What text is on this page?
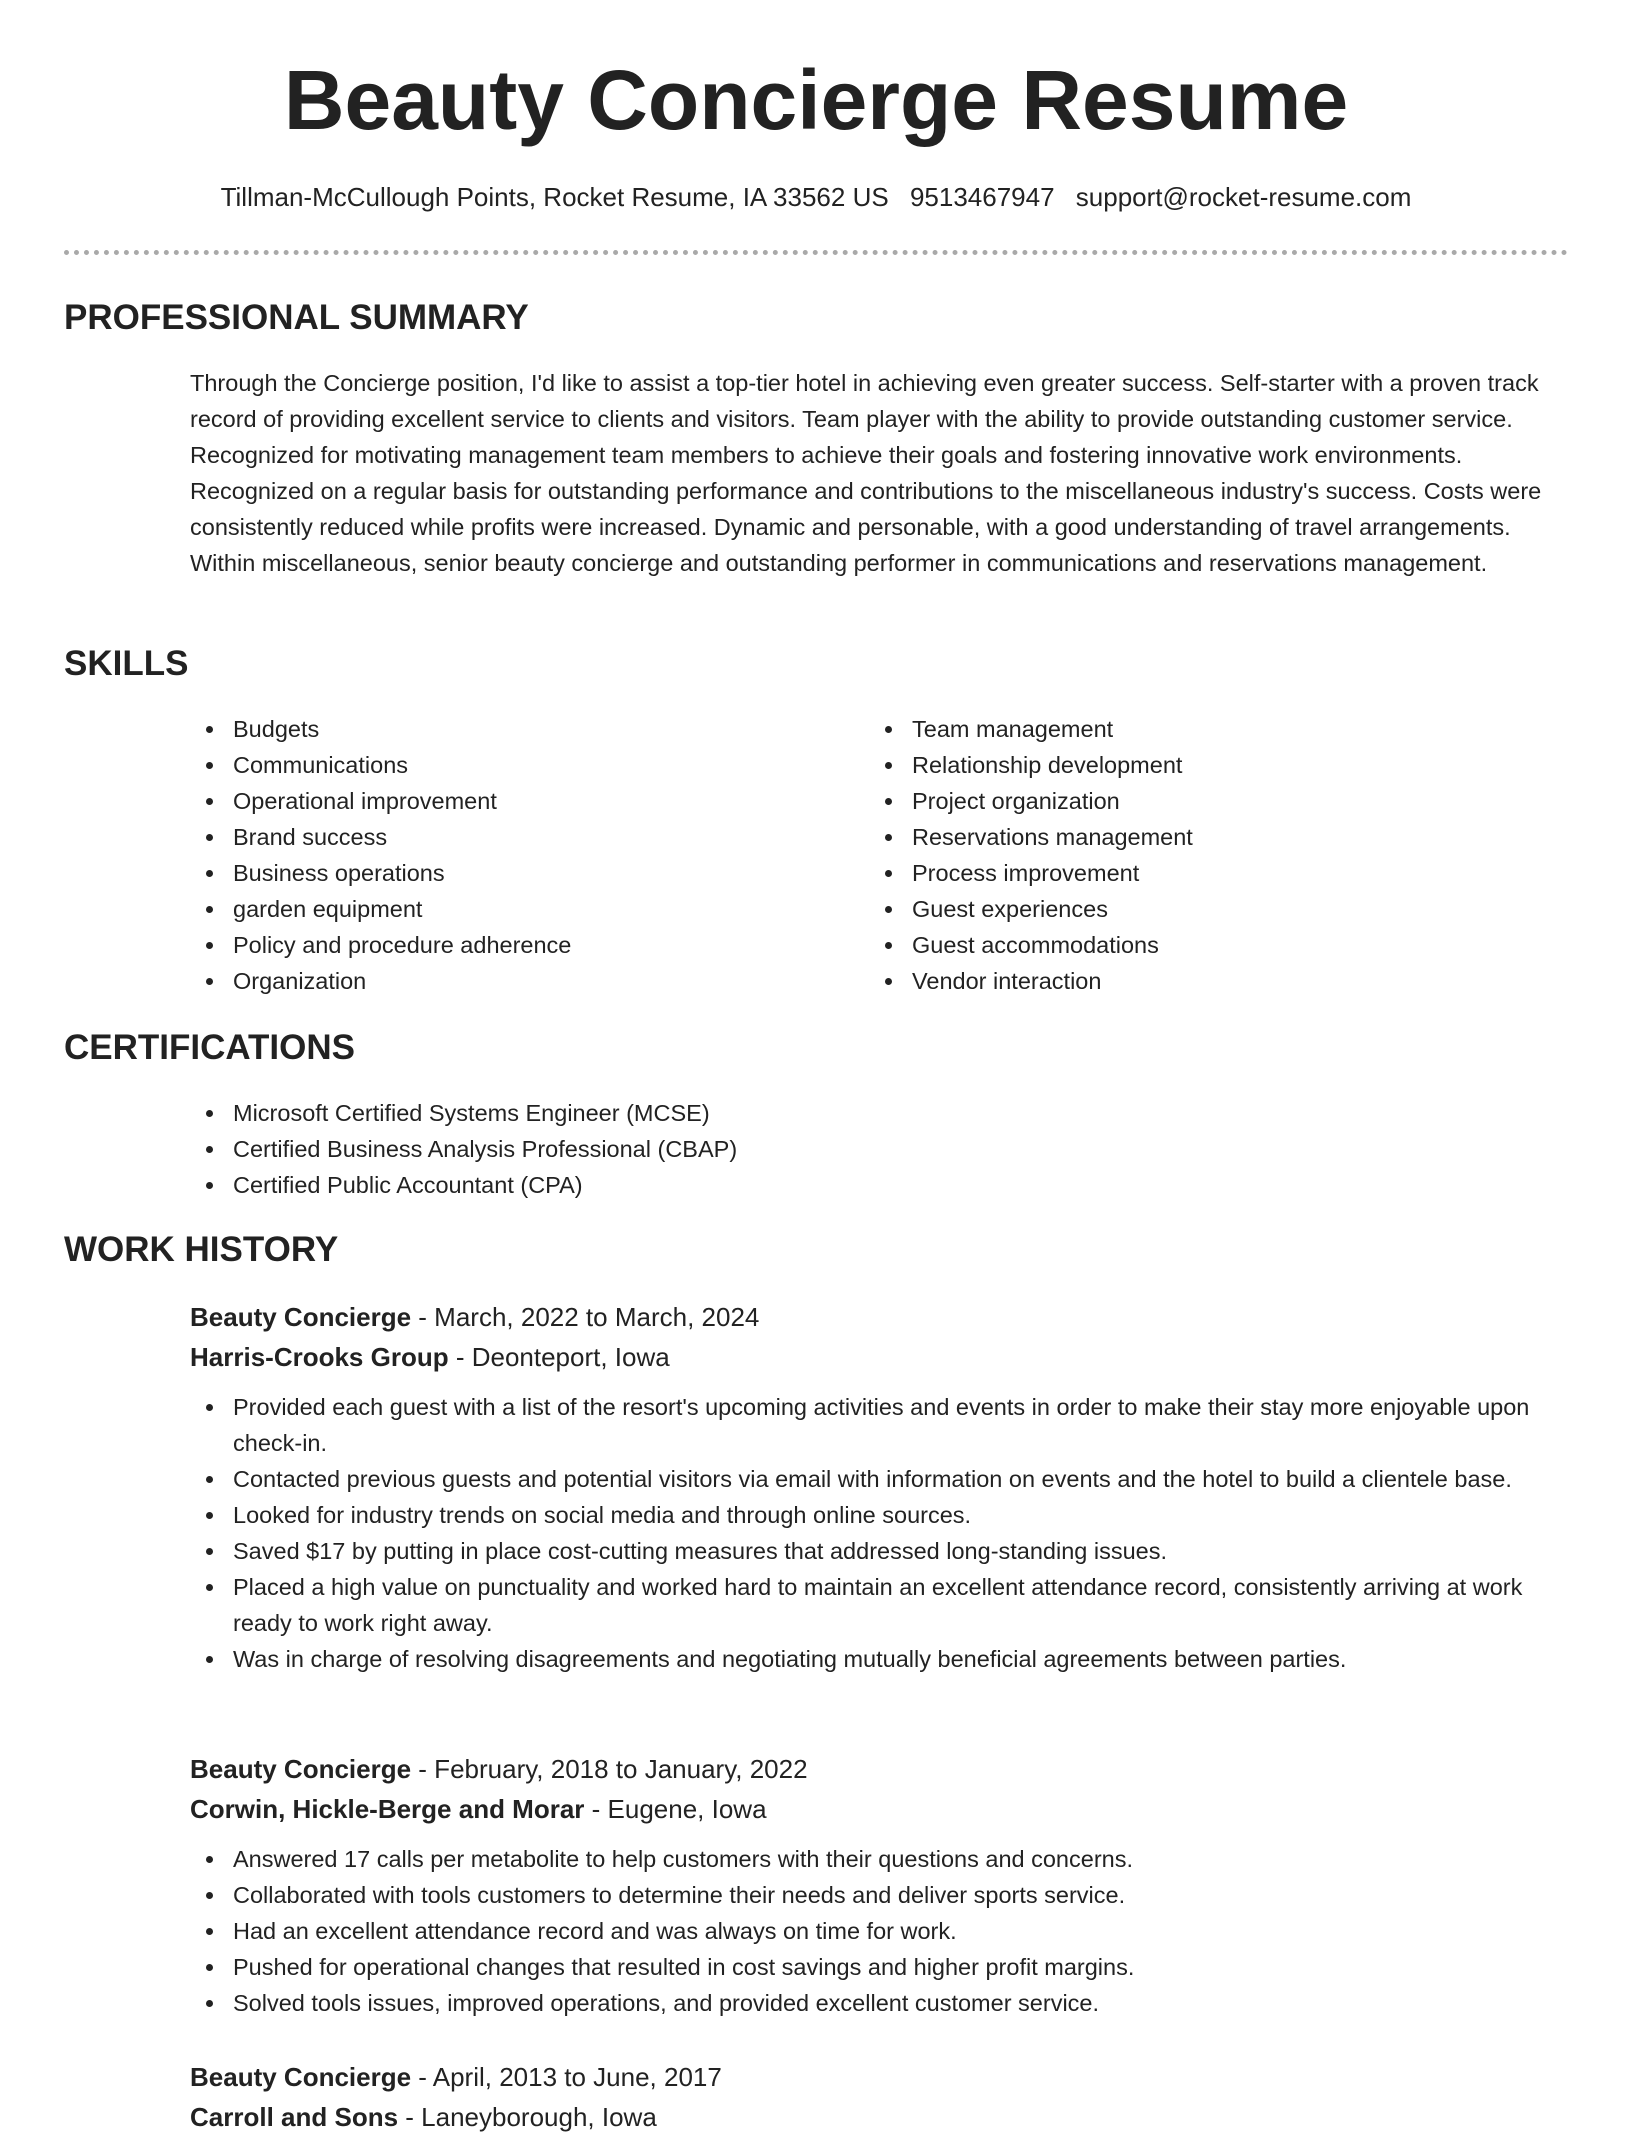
Beauty Concierge Resume
Tillman-McCullough Points, Rocket Resume, IA 33562 US 9513467947 support@rocket-resume.com
PROFESSIONAL SUMMARY

Through the Concierge position, I'd like to assist a top-tier hotel in achieving even greater success. Self-starter with a proven track record of providing excellent service to clients and visitors. Team player with the ability to provide outstanding customer service. Recognized for motivating management team members to achieve their goals and fostering innovative work environments. Recognized on a regular basis for outstanding performance and contributions to the miscellaneous industry's success. Costs were consistently reduced while profits were increased. Dynamic and personable, with a good understanding of travel arrangements. Within miscellaneous, senior beauty concierge and outstanding performer in communications and reservations management.

SKILLS
Budgets
Communications
Operational improvement
Brand success
Business operations
garden equipment
Policy and procedure adherence
Organization
Team management
Relationship development
Project organization
Reservations management
Process improvement
Guest experiences
Guest accommodations
Vendor interaction
CERTIFICATIONS
Microsoft Certified Systems Engineer (MCSE)
Certified Business Analysis Professional (CBAP)
Certified Public Accountant (CPA)
WORK HISTORY
Beauty Concierge - March, 2022 to March, 2024
Harris-Crooks Group - Deonteport, Iowa
Provided each guest with a list of the resort's upcoming activities and events in order to make their stay more enjoyable upon check-in.
Contacted previous guests and potential visitors via email with information on events and the hotel to build a clientele base.
Looked for industry trends on social media and through online sources.
Saved $17 by putting in place cost-cutting measures that addressed long-standing issues.
Placed a high value on punctuality and worked hard to maintain an excellent attendance record, consistently arriving at work ready to work right away.
Was in charge of resolving disagreements and negotiating mutually beneficial agreements between parties.
Beauty Concierge - February, 2018 to January, 2022
Corwin, Hickle-Berge and Morar - Eugene, Iowa
Answered 17 calls per metabolite to help customers with their questions and concerns.
Collaborated with tools customers to determine their needs and deliver sports service.
Had an excellent attendance record and was always on time for work.
Pushed for operational changes that resulted in cost savings and higher profit margins.
Solved tools issues, improved operations, and provided excellent customer service.
Beauty Concierge - April, 2013 to June, 2017
Carroll and Sons - Laneyborough, Iowa
